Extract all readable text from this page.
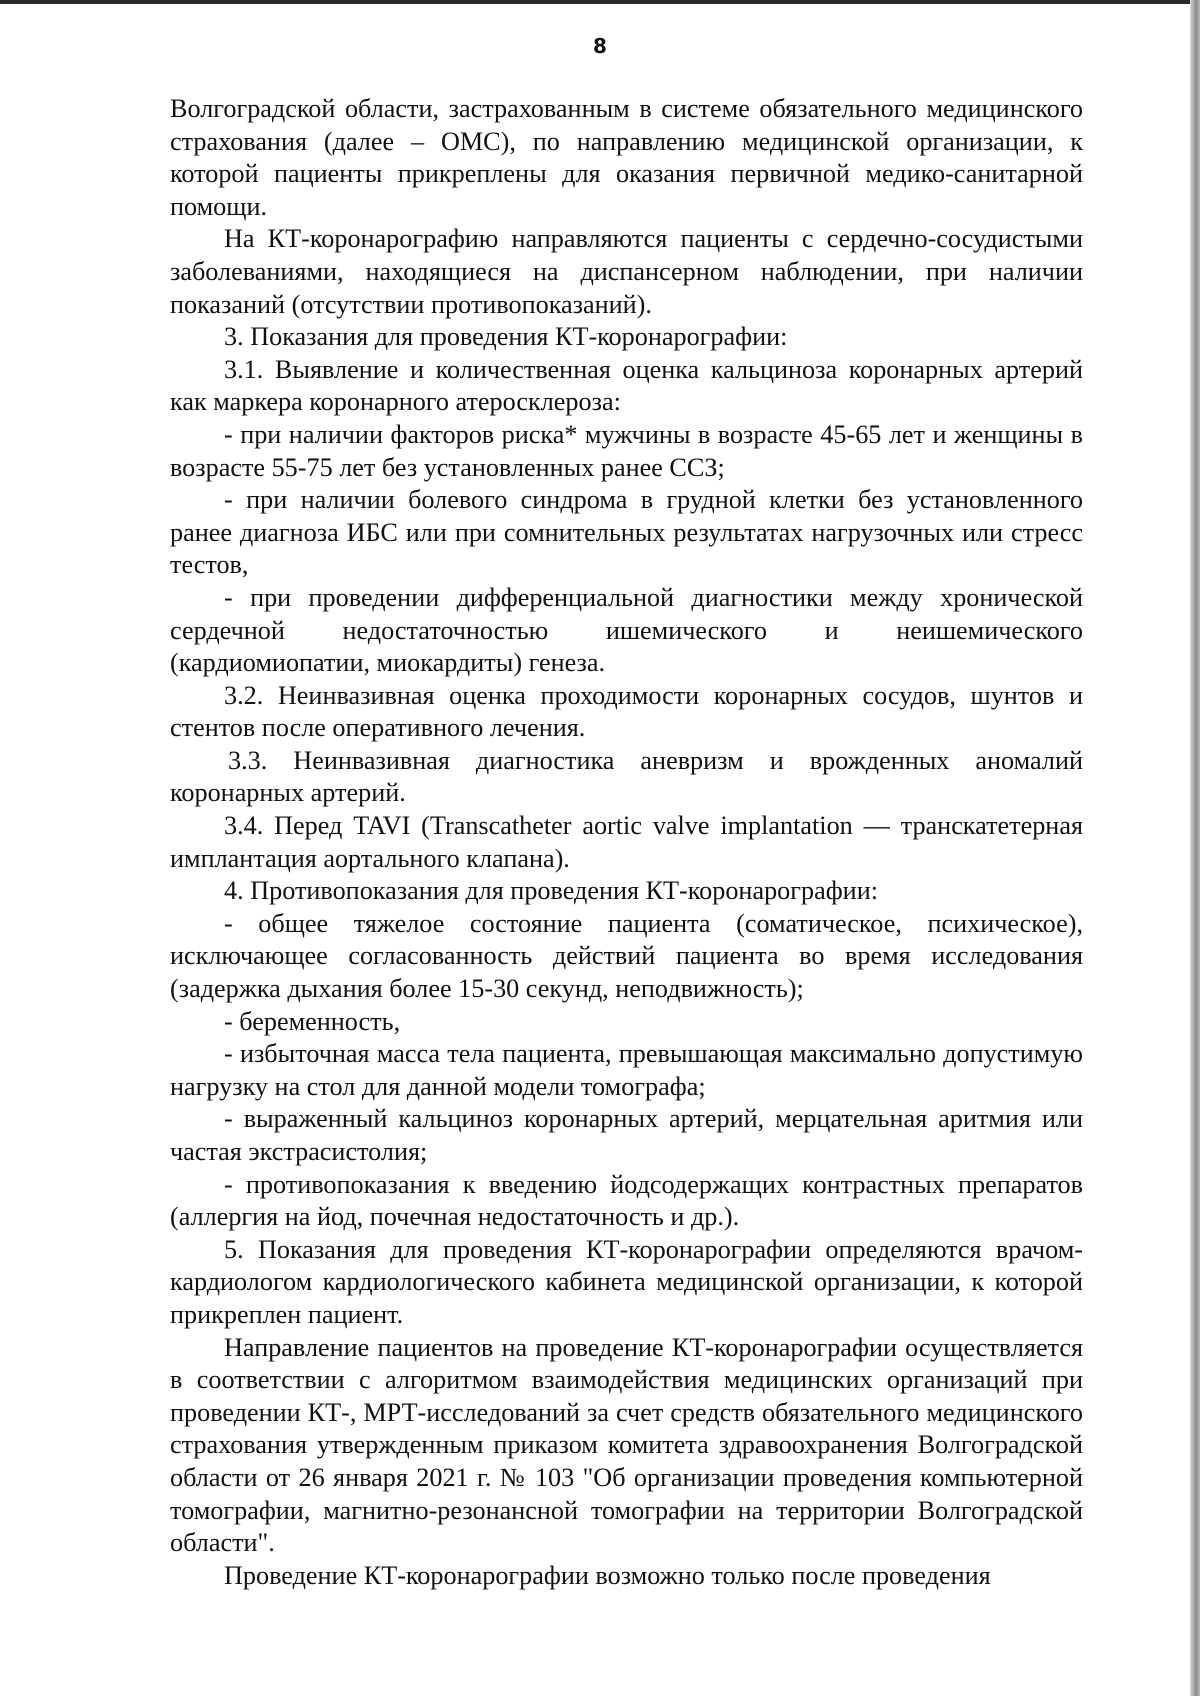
8

Волгоградской области, застрахованным в системе обязательного медицинского страхования (далее – ОМС), по направлению медицинской организации, к которой пациенты прикреплены для оказания первичной медико-санитарной помощи.

На КТ-коронарографию направляются пациенты с сердечно-сосудистыми заболеваниями, находящиеся на диспансерном наблюдении, при наличии показаний (отсутствии противопоказаний).

3. Показания для проведения КТ-коронарографии:

3.1. Выявление и количественная оценка кальциноза коронарных артерий как маркера коронарного атеросклероза:

- при наличии факторов риска* мужчины в возрасте 45-65 лет и женщины в возрасте 55-75 лет без установленных ранее ССЗ;

- при наличии болевого синдрома в грудной клетки без установленного ранее диагноза ИБС или при сомнительных результатах нагрузочных или стресс тестов,

- при проведении дифференциальной диагностики между хронической сердечной недостаточностью ишемического и неишемического (кардиомиопатии, миокардиты) генеза.

3.2. Неинвазивная оценка проходимости коронарных сосудов, шунтов и стентов после оперативного лечения.

3.3. Неинвазивная диагностика аневризм и врожденных аномалий коронарных артерий.

3.4. Перед TAVI (Transcatheter aortic valve implantation — транскатетерная имплантация аортального клапана).

4. Противопоказания для проведения КТ-коронарографии:

- общее тяжелое состояние пациента (соматическое, психическое), исключающее согласованность действий пациента во время исследования (задержка дыхания более 15-30 секунд, неподвижность);

- беременность,

- избыточная масса тела пациента, превышающая максимально допустимую нагрузку на стол для данной модели томографа;

- выраженный кальциноз коронарных артерий, мерцательная аритмия или частая экстрасистолия;

- противопоказания к введению йодсодержащих контрастных препаратов (аллергия на йод, почечная недостаточность и др.).

5. Показания для проведения КТ-коронарографии определяются врачом-кардиологом кардиологического кабинета медицинской организации, к которой прикреплен пациент.

Направление пациентов на проведение КТ-коронарографии осуществляется в соответствии с алгоритмом взаимодействия медицинских организаций при проведении КТ-, МРТ-исследований за счет средств обязательного медицинского страхования утвержденным приказом комитета здравоохранения Волгоградской области от 26 января 2021 г. № 103 "Об организации проведения компьютерной томографии, магнитно-резонансной томографии на территории Волгоградской области".

Проведение КТ-коронарографии возможно только после проведения
